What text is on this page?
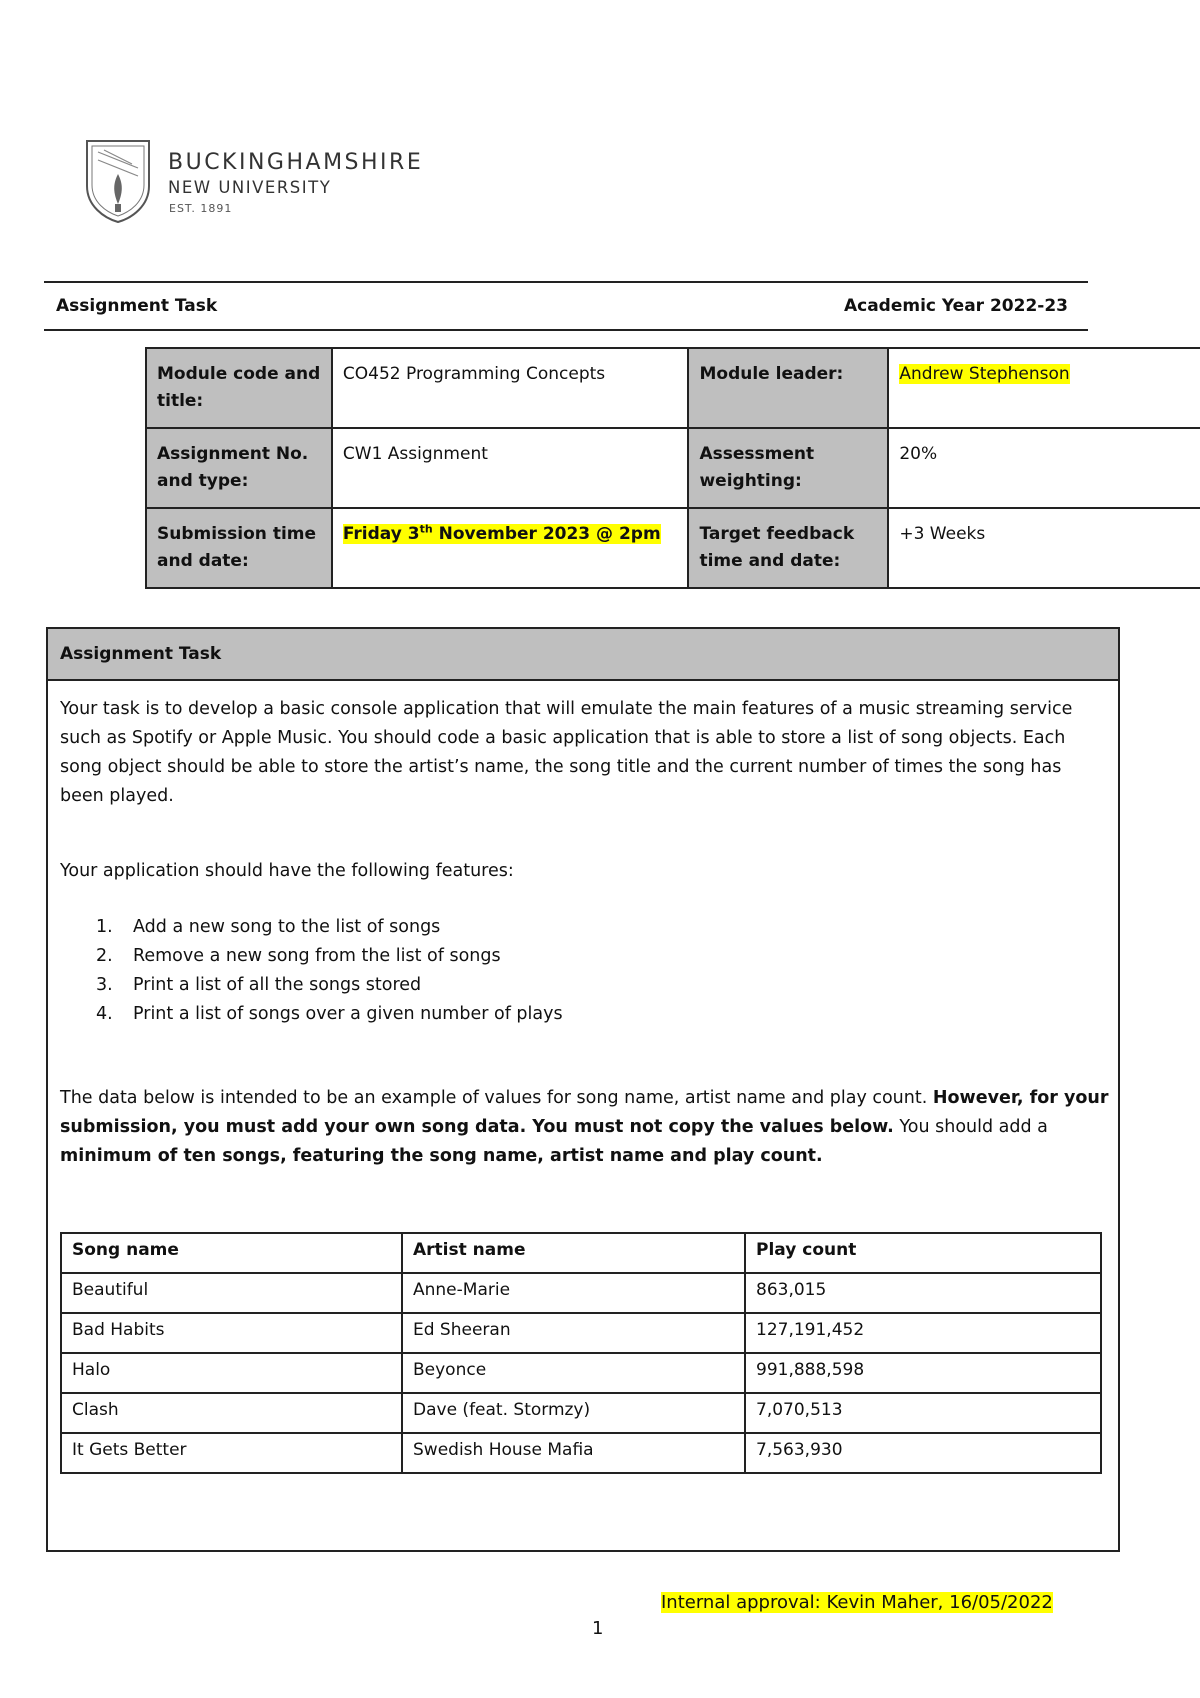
BUCKINGHAMSHIRE
NEW UNIVERSITY
EST. 1891
Assignment Task	Academic Year 2022-23
Module code and title:	CO452 Programming Concepts	Module leader:	Andrew Stephenson
Assignment No. and type:	CW1 Assignment	Assessment weighting:	20%
Submission time and date:	Friday 3th November 2023 @ 2pm	Target feedback time and date:	+3 Weeks
Assignment Task
Your task is to develop a basic console application that will emulate the main features of a music streaming service such as Spotify or Apple Music. You should code a basic application that is able to store a list of song objects. Each song object should be able to store the artist’s name, the song title and the current number of times the song has been played.
Your application should have the following features:
1. Add a new song to the list of songs
2. Remove a new song from the list of songs
3. Print a list of all the songs stored
4. Print a list of songs over a given number of plays
The data below is intended to be an example of values for song name, artist name and play count. However, for your submission, you must add your own song data. You must not copy the values below. You should add a minimum of ten songs, featuring the song name, artist name and play count.
Song name	Artist name	Play count
Beautiful	Anne-Marie	863,015
Bad Habits	Ed Sheeran	127,191,452
Halo	Beyonce	991,888,598
Clash	Dave (feat. Stormzy)	7,070,513
It Gets Better	Swedish House Mafia	7,563,930
Internal approval: Kevin Maher, 16/05/2022
1
